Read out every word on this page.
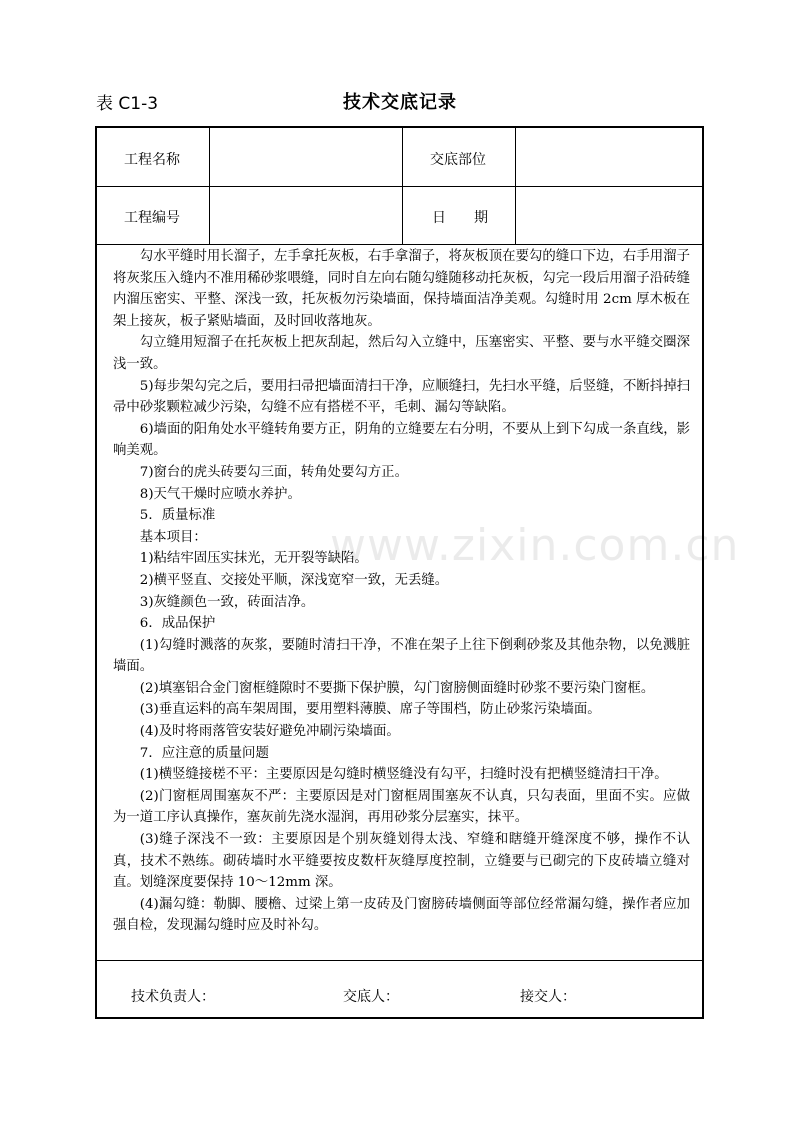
表 C1-3	技术交底记录
工程名称	交底部位
工程编号	日　　期

勾水平缝时用长溜子，左手拿托灰板，右手拿溜子，将灰板顶在要勾的缝口下边，右手用溜子将灰浆压入缝内不准用稀砂浆喂缝，同时自左向右随勾缝随移动托灰板，勾完一段后用溜子沿砖缝内溜压密实、平整、深浅一致，托灰板勿污染墙面，保持墙面洁净美观。勾缝时用 2cm 厚木板在架上接灰，板子紧贴墙面，及时回收落地灰。

勾立缝用短溜子在托灰板上把灰刮起，然后勾入立缝中，压塞密实、平整、要与水平缝交圈深浅一致。

5)每步架勾完之后，要用扫帚把墙面清扫干净，应顺缝扫，先扫水平缝，后竖缝，不断抖掉扫帚中砂浆颗粒减少污染，勾缝不应有搭槎不平，毛刺、漏勾等缺陷。

6)墙面的阳角处水平缝转角要方正，阴角的立缝要左右分明，不要从上到下勾成一条直线，影响美观。

7)窗台的虎头砖要勾三面，转角处要勾方正。

8)天气干燥时应喷水养护。

5．质量标准

基本项目：

1)粘结牢固压实抹光，无开裂等缺陷。

2)横平竖直、交接处平顺，深浅宽窄一致，无丢缝。

3)灰缝颜色一致，砖面洁净。

6．成品保护

(1)勾缝时溅落的灰浆，要随时清扫干净，不准在架子上往下倒剩砂浆及其他杂物，以免溅脏墙面。

(2)填塞铝合金门窗框缝隙时不要撕下保护膜，勾门窗膀侧面缝时砂浆不要污染门窗框。

(3)垂直运料的高车架周围，要用塑料薄膜、席子等围档，防止砂浆污染墙面。

(4)及时将雨落管安装好避免冲刷污染墙面。

7．应注意的质量问题

(1)横竖缝接槎不平：主要原因是勾缝时横竖缝没有勾平，扫缝时没有把横竖缝清扫干净。

(2)门窗框周围塞灰不严：主要原因是对门窗框周围塞灰不认真，只勾表面，里面不实。应做为一道工序认真操作，塞灰前先浇水湿润，再用砂浆分层塞实，抹平。

(3)缝子深浅不一致：主要原因是个别灰缝划得太浅、窄缝和瞎缝开缝深度不够，操作不认真，技术不熟练。砌砖墙时水平缝要按皮数杆灰缝厚度控制，立缝要与已砌完的下皮砖墙立缝对直。划缝深度要保持 10～12mm 深。

(4)漏勾缝：勒脚、腰檐、过梁上第一皮砖及门窗膀砖墙侧面等部位经常漏勾缝，操作者应加强自检，发现漏勾缝时应及时补勾。

技术负责人：	交底人：	接交人：
www.zixin.com.cn
